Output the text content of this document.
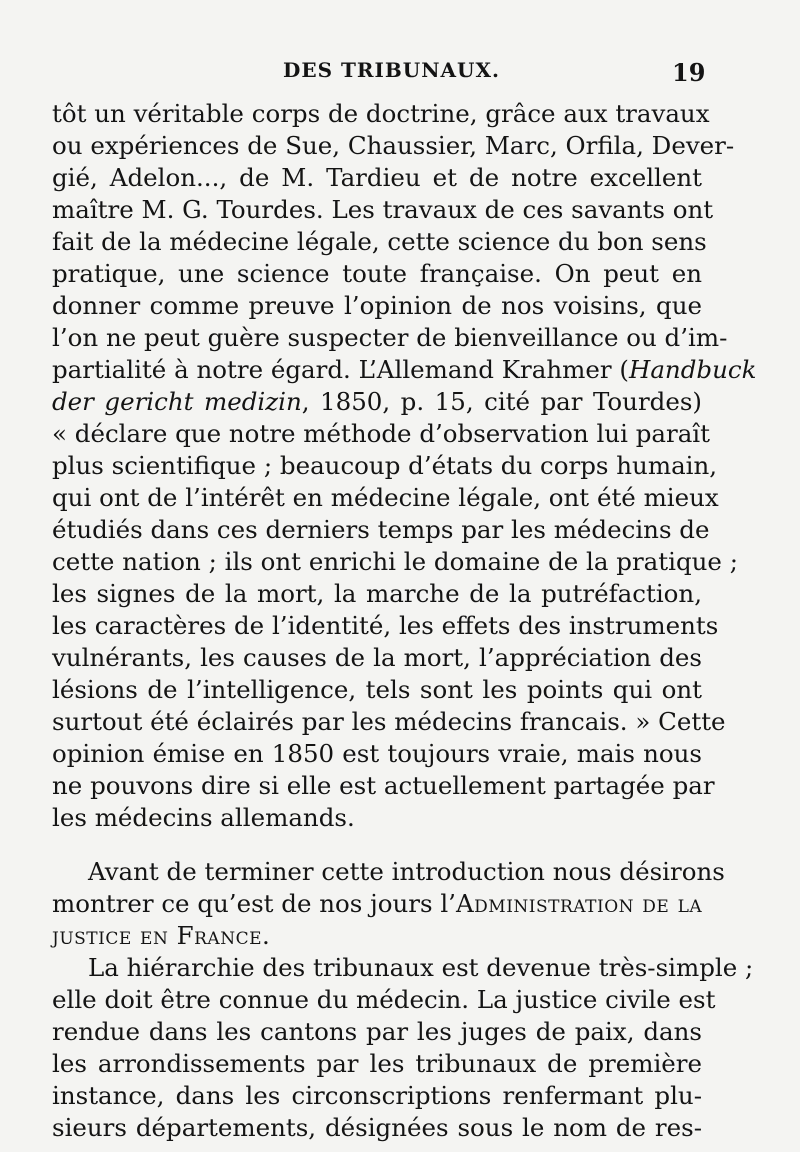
DES TRIBUNAUX.	19
tôt un véritable corps de doctrine, grâce aux travaux
ou expériences de Sue, Chaussier, Marc, Orfila, Dever-
gié, Adelon..., de M. Tardieu et de notre excellent
maître M. G. Tourdes. Les travaux de ces savants ont
fait de la médecine légale, cette science du bon sens
pratique, une science toute française. On peut en
donner comme preuve l’opinion de nos voisins, que
l’on ne peut guère suspecter de bienveillance ou d’im-
partialité à notre égard. L’Allemand Krahmer (Handbuck
der gericht medizin, 1850, p. 15, cité par Tourdes)
« déclare que notre méthode d’observation lui paraît
plus scientifique ; beaucoup d’états du corps humain,
qui ont de l’intérêt en médecine légale, ont été mieux
étudiés dans ces derniers temps par les médecins de
cette nation ; ils ont enrichi le domaine de la pratique ;
les signes de la mort, la marche de la putréfaction,
les caractères de l’identité, les effets des instruments
vulnérants, les causes de la mort, l’appréciation des
lésions de l’intelligence, tels sont les points qui ont
surtout été éclairés par les médecins francais. » Cette
opinion émise en 1850 est toujours vraie, mais nous
ne pouvons dire si elle est actuellement partagée par
les médecins allemands.
Avant de terminer cette introduction nous désirons
montrer ce qu’est de nos jours l’Administration de la
justice en France.
La hiérarchie des tribunaux est devenue très-simple ;
elle doit être connue du médecin. La justice civile est
rendue dans les cantons par les juges de paix, dans
les arrondissements par les tribunaux de première
instance, dans les circonscriptions renfermant plu-
sieurs départements, désignées sous le nom de res-
